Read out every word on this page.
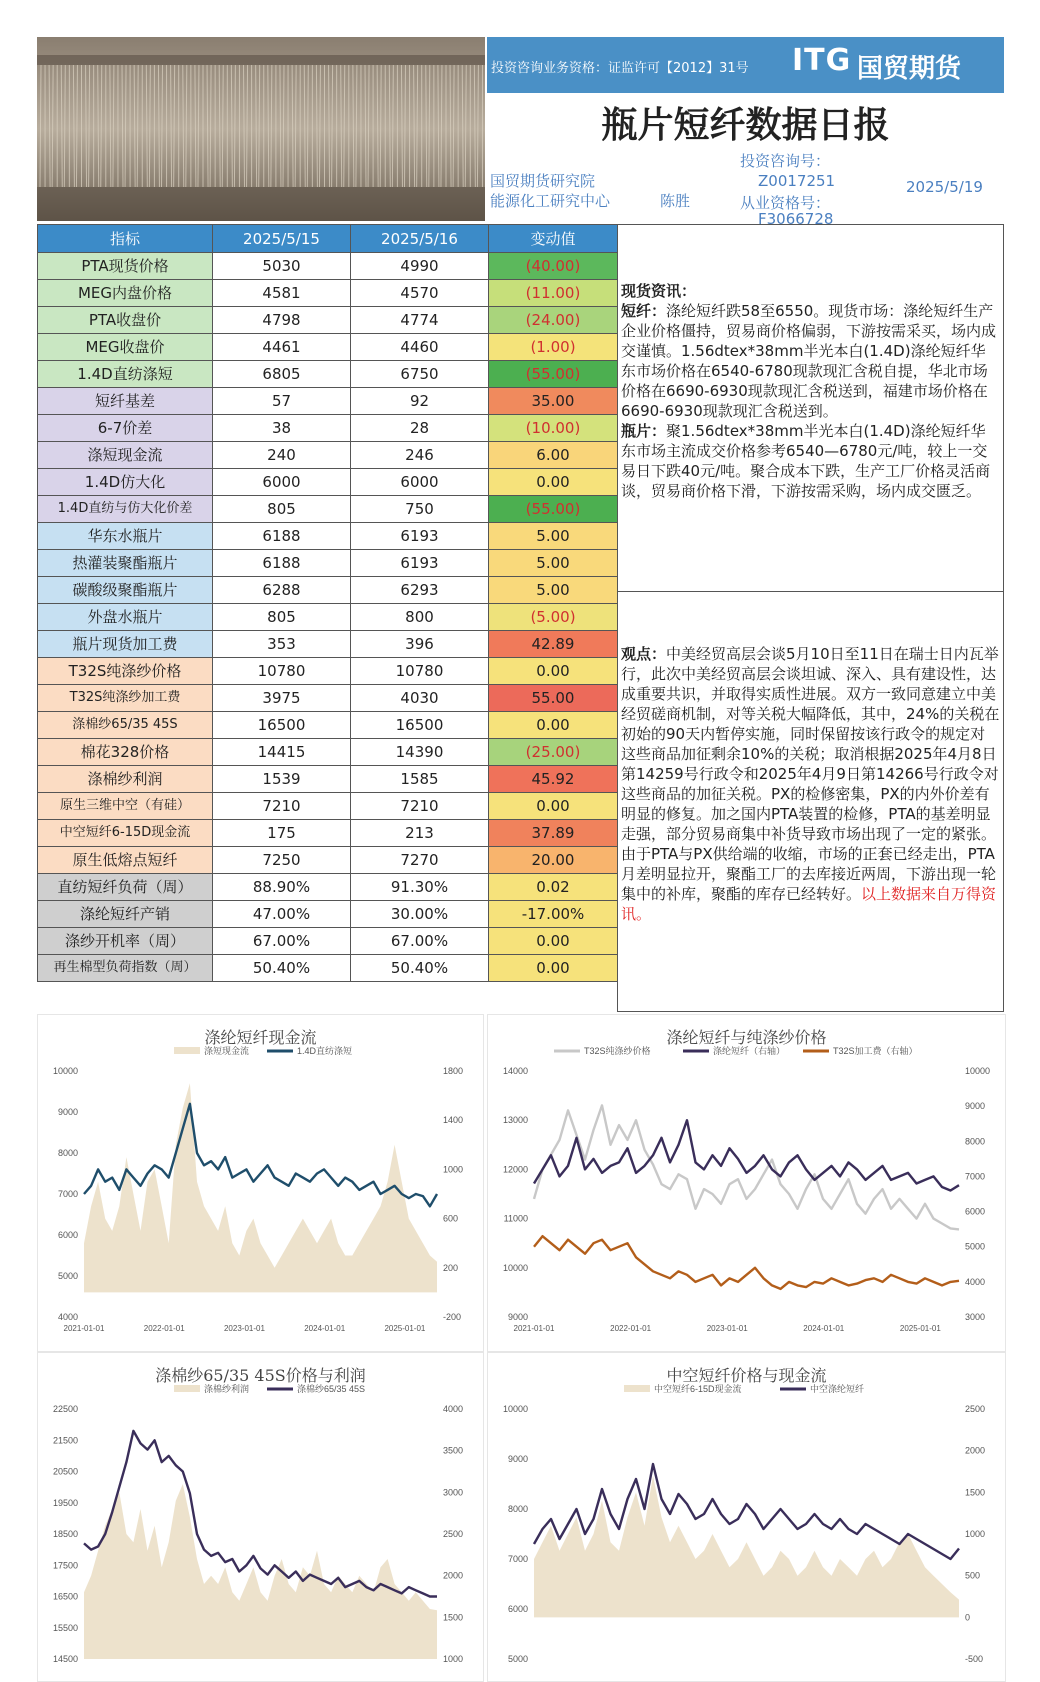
投资咨询业务资格：证监许可【2012】31号 ITG 国贸期货
瓶片短纤数据日报
国贸期货研究院
能源化工研究中心	陈胜
投资咨询号：
Z0017251
从业资格号：
F3066728
2025/5/19
指标	2025/5/15	2025/5/16	变动值
PTA现货价格	5030	4990	(40.00)
MEG内盘价格	4581	4570	(11.00)
PTA收盘价	4798	4774	(24.00)
MEG收盘价	4461	4460	(1.00)
1.4D直纺涤短	6805	6750	(55.00)
短纤基差	57	92	35.00
6-7价差	38	28	(10.00)
涤短现金流	240	246	6.00
1.4D仿大化	6000	6000	0.00
1.4D直纺与仿大化价差	805	750	(55.00)
华东水瓶片	6188	6193	5.00
热灌装聚酯瓶片	6188	6193	5.00
碳酸级聚酯瓶片	6288	6293	5.00
外盘水瓶片	805	800	(5.00)
瓶片现货加工费	353	396	42.89
T32S纯涤纱价格	10780	10780	0.00
T32S纯涤纱加工费	3975	4030	55.00
涤棉纱65/35 45S	16500	16500	0.00
棉花328价格	14415	14390	(25.00)
涤棉纱利润	1539	1585	45.92
原生三维中空（有硅）	7210	7210	0.00
中空短纤6-15D现金流	175	213	37.89
原生低熔点短纤	7250	7270	20.00
直纺短纤负荷（周）	88.90%	91.30%	0.02
涤纶短纤产销	47.00%	30.00%	-17.00%
涤纱开机率（周）	67.00%	67.00%	0.00
再生棉型负荷指数（周）	50.40%	50.40%	0.00
现货资讯：
短纤：涤纶短纤跌58至6550。现货市场：涤纶短纤生产企业价格僵持，贸易商价格偏弱，下游按需采买，场内成交谨慎。1.56dtex*38mm半光本白(1.4D)涤纶短纤华东市场价格在6540-6780现款现汇含税自提，华北市场价格在6690-6930现款现汇含税送到，福建市场价格在6690-6930现款现汇含税送到。
瓶片：聚1.56dtex*38mm半光本白(1.4D)涤纶短纤华东市场主流成交价格参考6540—6780元/吨，较上一交易日下跌40元/吨。聚合成本下跌，生产工厂价格灵活商谈，贸易商价格下滑，下游按需采购，场内成交匮乏。
观点：中美经贸高层会谈5月10日至11日在瑞士日内瓦举行，此次中美经贸高层会谈坦诚、深入、具有建设性，达成重要共识，并取得实质性进展。双方一致同意建立中美经贸磋商机制，对等关税大幅降低，其中，24%的关税在初始的90天内暂停实施，同时保留按该行政令的规定对这些商品加征剩余10%的关税；取消根据2025年4月8日第14259号行政令和2025年4月9日第14266号行政令对这些商品的加征关税。PX的检修密集，PX的内外价差有明显的修复。加之国内PTA装置的检修，PTA的基差明显走强，部分贸易商集中补货导致市场出现了一定的紧张。由于PTA与PX供给端的收缩，市场的正套已经走出，PTA月差明显拉开，聚酯工厂的去库接近两周，下游出现一轮集中的补库，聚酯的库存已经转好。以上数据来自万得资讯。
涤纶短纤现金流
4000
5000
6000
7000
8000
9000
10000
-200
200
600
1000
1400
1800
2021-01-01	2022-01-01	2023-01-01	2024-01-01	2025-01-01
涤短现金流	1.4D直纺涤短
涤纶短纤与纯涤纱价格
9000
10000
11000
12000
13000
14000
3000
4000
5000
6000
7000
8000
9000
10000
2021-01-01	2022-01-01	2023-01-01	2024-01-01	2025-01-01
T32S纯涤纱价格	涤纶短纤（右轴）	T32S加工费（右轴）
涤棉纱65/35 45S价格与利润
14500
15500
16500
17500
18500
19500
20500
21500
22500
1000
1500
2000
2500
3000
3500
4000
涤棉纱利润	涤棉纱65/35 45S
中空短纤价格与现金流
5000
6000
7000
8000
9000
10000
-500
0
500
1000
1500
2000
2500
中空短纤6-15D现金流	中空涤纶短纤
